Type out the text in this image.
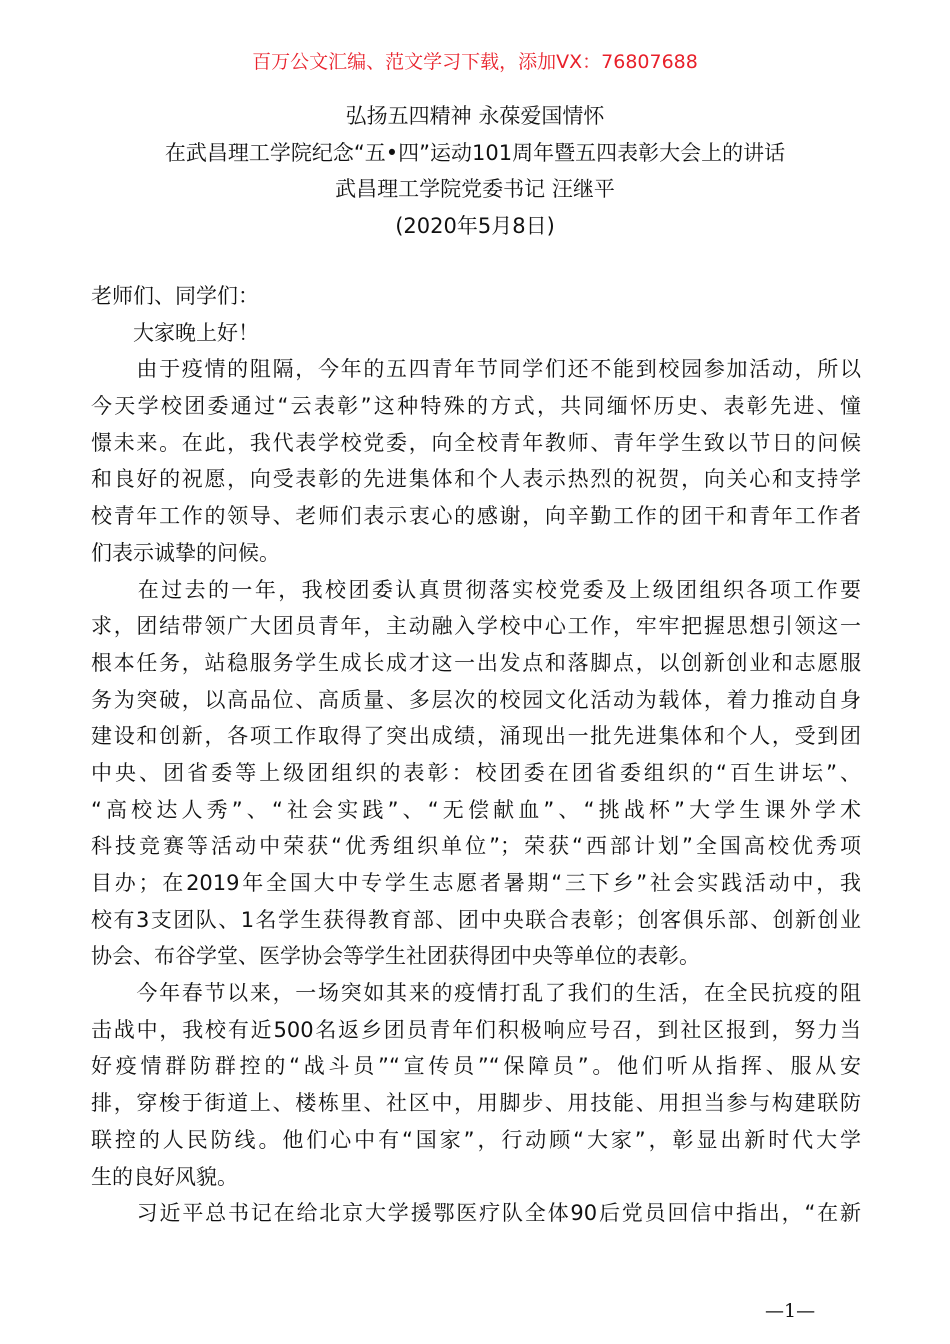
百万公文汇编、范文学习下载，添加VX：76807688
弘扬五四精神 永葆爱国情怀
在武昌理工学院纪念“五•四”运动101周年暨五四表彰大会上的讲话
武昌理工学院党委书记 汪继平
(2020年5月8日)
老师们、同学们：
　　大家晚上好！
　　由于疫情的阻隔，今年的五四青年节同学们还不能到校园参加活动，所以
今天学校团委通过“云表彰”这种特殊的方式，共同缅怀历史、表彰先进、憧
憬未来。在此，我代表学校党委，向全校青年教师、青年学生致以节日的问候
和良好的祝愿，向受表彰的先进集体和个人表示热烈的祝贺，向关心和支持学
校青年工作的领导、老师们表示衷心的感谢，向辛勤工作的团干和青年工作者
们表示诚挚的问候。
　　在过去的一年，我校团委认真贯彻落实校党委及上级团组织各项工作要
求，团结带领广大团员青年，主动融入学校中心工作，牢牢把握思想引领这一
根本任务，站稳服务学生成长成才这一出发点和落脚点，以创新创业和志愿服
务为突破，以高品位、高质量、多层次的校园文化活动为载体，着力推动自身
建设和创新，各项工作取得了突出成绩，涌现出一批先进集体和个人，受到团
中央、团省委等上级团组织的表彰：校团委在团省委组织的“百生讲坛”、
“高校达人秀”、“社会实践”、“无偿献血”、“挑战杯”大学生课外学术
科技竞赛等活动中荣获“优秀组织单位”；荣获“西部计划”全国高校优秀项
目办；在2019年全国大中专学生志愿者暑期“三下乡”社会实践活动中，我
校有3支团队、1名学生获得教育部、团中央联合表彰；创客俱乐部、创新创业
协会、布谷学堂、医学协会等学生社团获得团中央等单位的表彰。
　　今年春节以来，一场突如其来的疫情打乱了我们的生活，在全民抗疫的阻
击战中，我校有近500名返乡团员青年们积极响应号召，到社区报到，努力当
好疫情群防群控的“战斗员”“宣传员”“保障员”。他们听从指挥、服从安
排，穿梭于街道上、楼栋里、社区中，用脚步、用技能、用担当参与构建联防
联控的人民防线。他们心中有“国家”，行动顾“大家”，彰显出新时代大学
生的良好风貌。
　　习近平总书记在给北京大学援鄂医疗队全体90后党员回信中指出，“在新
—1—
